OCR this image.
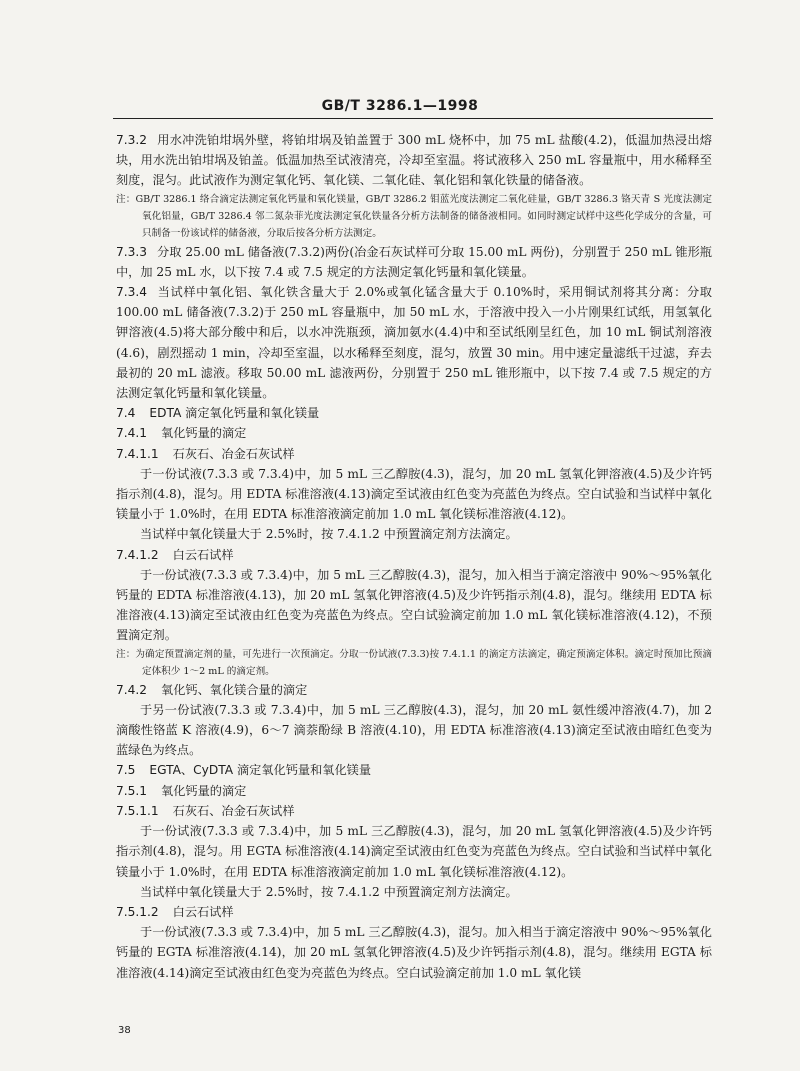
GB/T 3286.1—1998

7.3.2 用水冲洗铂坩埚外壁，将铂坩埚及铂盖置于 300 mL 烧杯中，加 75 mL 盐酸(4.2)，低温加热浸出熔块，用水洗出铂坩埚及铂盖。低温加热至试液清亮，冷却至室温。将试液移入 250 mL 容量瓶中，用水稀释至刻度，混匀。此试液作为测定氧化钙、氧化镁、二氧化硅、氧化铝和氧化铁量的储备液。

注：GB/T 3286.1 络合滴定法测定氧化钙量和氧化镁量，GB/T 3286.2 钼蓝光度法测定二氧化硅量，GB/T 3286.3 铬天青 S 光度法测定氧化铝量，GB/T 3286.4 邻二氮杂菲光度法测定氧化铁量各分析方法制备的储备液相同。如同时测定试样中这些化学成分的含量，可只制备一份该试样的储备液，分取后按各分析方法测定。

7.3.3 分取 25.00 mL 储备液(7.3.2)两份(冶金石灰试样可分取 15.00 mL 两份)，分别置于 250 mL 锥形瓶中，加 25 mL 水，以下按 7.4 或 7.5 规定的方法测定氧化钙量和氧化镁量。

7.3.4 当试样中氧化铝、氧化铁含量大于 2.0%或氧化锰含量大于 0.10%时，采用铜试剂将其分离：分取 100.00 mL 储备液(7.3.2)于 250 mL 容量瓶中，加 50 mL 水，于溶液中投入一小片刚果红试纸，用氢氧化钾溶液(4.5)将大部分酸中和后，以水冲洗瓶颈，滴加氨水(4.4)中和至试纸刚呈红色，加 10 mL 铜试剂溶液(4.6)，剧烈摇动 1 min，冷却至室温，以水稀释至刻度，混匀，放置 30 min。用中速定量滤纸干过滤，弃去最初的 20 mL 滤液。移取 50.00 mL 滤液两份，分别置于 250 mL 锥形瓶中，以下按 7.4 或 7.5 规定的方法测定氧化钙量和氧化镁量。

7.4 EDTA 滴定氧化钙量和氧化镁量

7.4.1 氧化钙量的滴定

7.4.1.1 石灰石、冶金石灰试样

于一份试液(7.3.3 或 7.3.4)中，加 5 mL 三乙醇胺(4.3)，混匀，加 20 mL 氢氧化钾溶液(4.5)及少许钙指示剂(4.8)，混匀。用 EDTA 标准溶液(4.13)滴定至试液由红色变为亮蓝色为终点。空白试验和当试样中氧化镁量小于 1.0%时，在用 EDTA 标准溶液滴定前加 1.0 mL 氧化镁标准溶液(4.12)。

当试样中氧化镁量大于 2.5%时，按 7.4.1.2 中预置滴定剂方法滴定。

7.4.1.2 白云石试样

于一份试液(7.3.3 或 7.3.4)中，加 5 mL 三乙醇胺(4.3)，混匀，加入相当于滴定溶液中 90%～95%氧化钙量的 EDTA 标准溶液(4.13)，加 20 mL 氢氧化钾溶液(4.5)及少许钙指示剂(4.8)，混匀。继续用 EDTA 标准溶液(4.13)滴定至试液由红色变为亮蓝色为终点。空白试验滴定前加 1.0 mL 氧化镁标准溶液(4.12)，不预置滴定剂。

注：为确定预置滴定剂的量，可先进行一次预滴定。分取一份试液(7.3.3)按 7.4.1.1 的滴定方法滴定，确定预滴定体积。滴定时预加比预滴定体积少 1～2 mL 的滴定剂。

7.4.2 氧化钙、氧化镁合量的滴定

于另一份试液(7.3.3 或 7.3.4)中，加 5 mL 三乙醇胺(4.3)，混匀，加 20 mL 氨性缓冲溶液(4.7)，加 2 滴酸性铬蓝 K 溶液(4.9)，6～7 滴萘酚绿 B 溶液(4.10)，用 EDTA 标准溶液(4.13)滴定至试液由暗红色变为蓝绿色为终点。

7.5 EGTA、CyDTA 滴定氧化钙量和氧化镁量

7.5.1 氧化钙量的滴定

7.5.1.1 石灰石、冶金石灰试样

于一份试液(7.3.3 或 7.3.4)中，加 5 mL 三乙醇胺(4.3)，混匀，加 20 mL 氢氧化钾溶液(4.5)及少许钙指示剂(4.8)，混匀。用 EGTA 标准溶液(4.14)滴定至试液由红色变为亮蓝色为终点。空白试验和当试样中氧化镁量小于 1.0%时，在用 EDTA 标准溶液滴定前加 1.0 mL 氧化镁标准溶液(4.12)。

当试样中氧化镁量大于 2.5%时，按 7.4.1.2 中预置滴定剂方法滴定。

7.5.1.2 白云石试样

于一份试液(7.3.3 或 7.3.4)中，加 5 mL 三乙醇胺(4.3)，混匀。加入相当于滴定溶液中 90%～95%氧化钙量的 EGTA 标准溶液(4.14)，加 20 mL 氢氧化钾溶液(4.5)及少许钙指示剂(4.8)，混匀。继续用 EGTA 标准溶液(4.14)滴定至试液由红色变为亮蓝色为终点。空白试验滴定前加 1.0 mL 氧化镁

38
